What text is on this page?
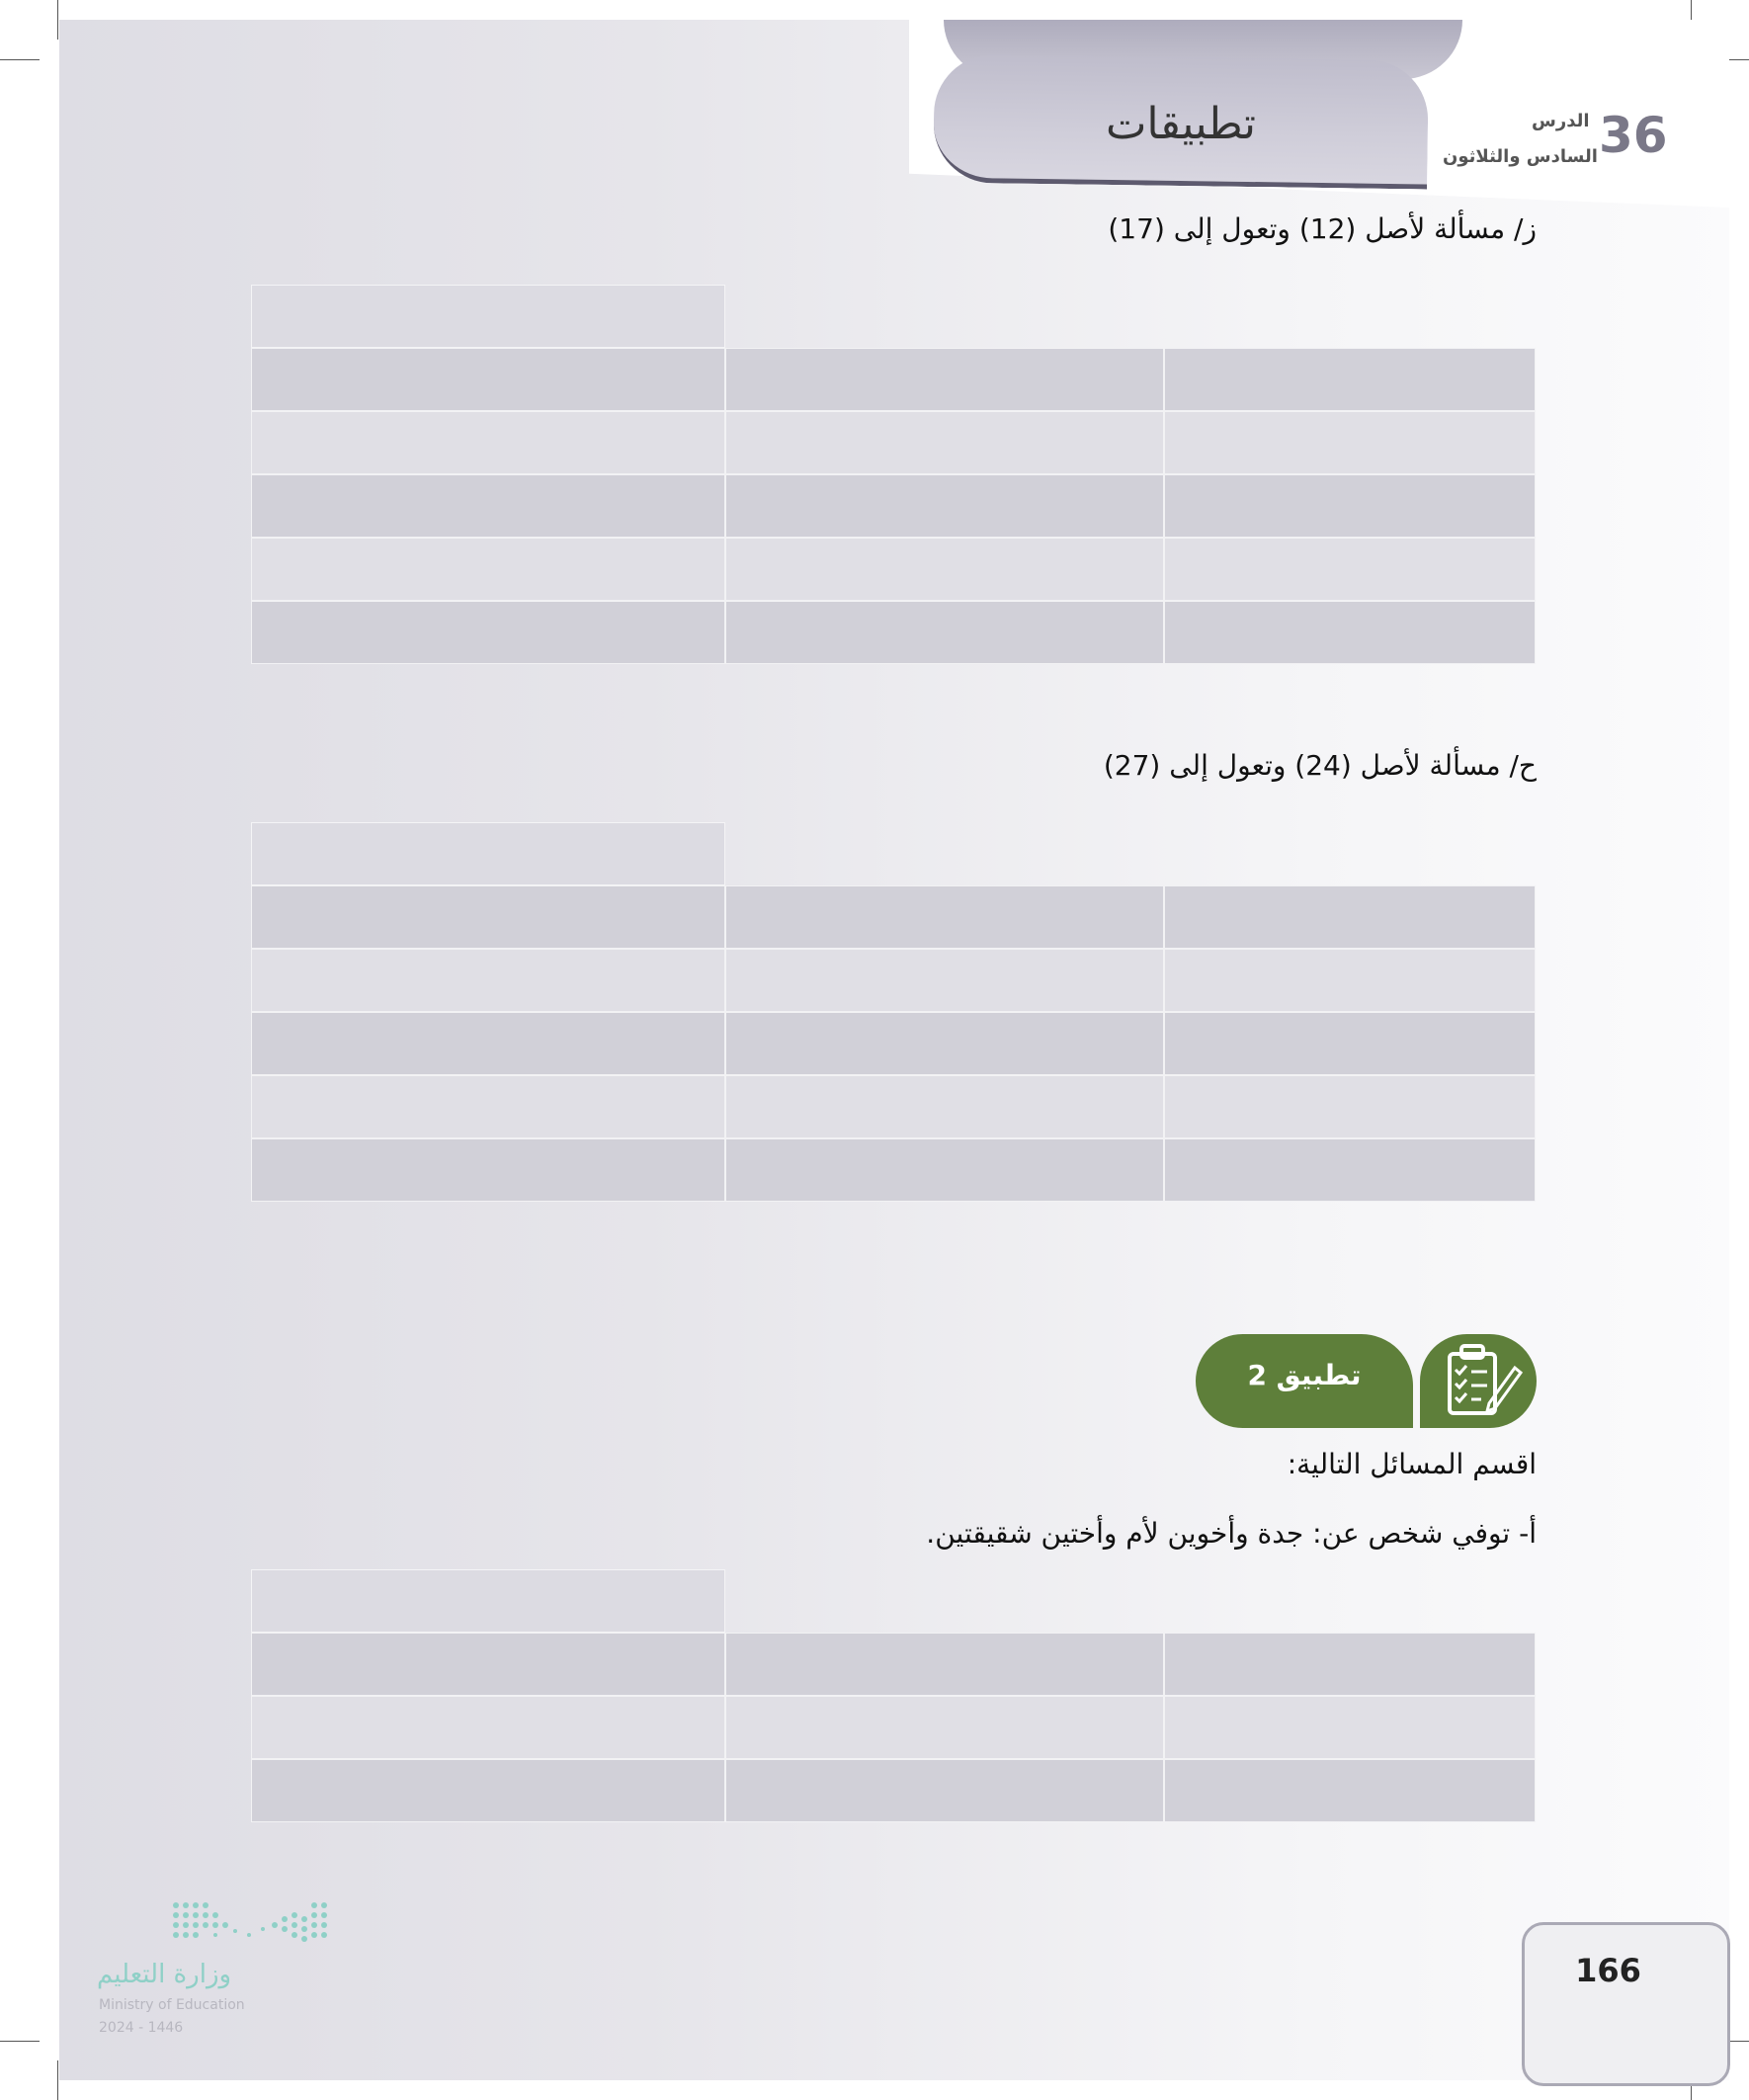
تطبيقات	36
الدرس
السادس والثلاثون
ز/ مسألة لأصل (12) وتعول إلى (17)
ح/ مسألة لأصل (24) وتعول إلى (27)
تطبيق 2
اقسم المسائل التالية:
أ- توفي شخص عن: جدة وأخوين لأم وأختين شقيقتين.
وزارة التعليم
Ministry of Education
2024 - 1446
166
